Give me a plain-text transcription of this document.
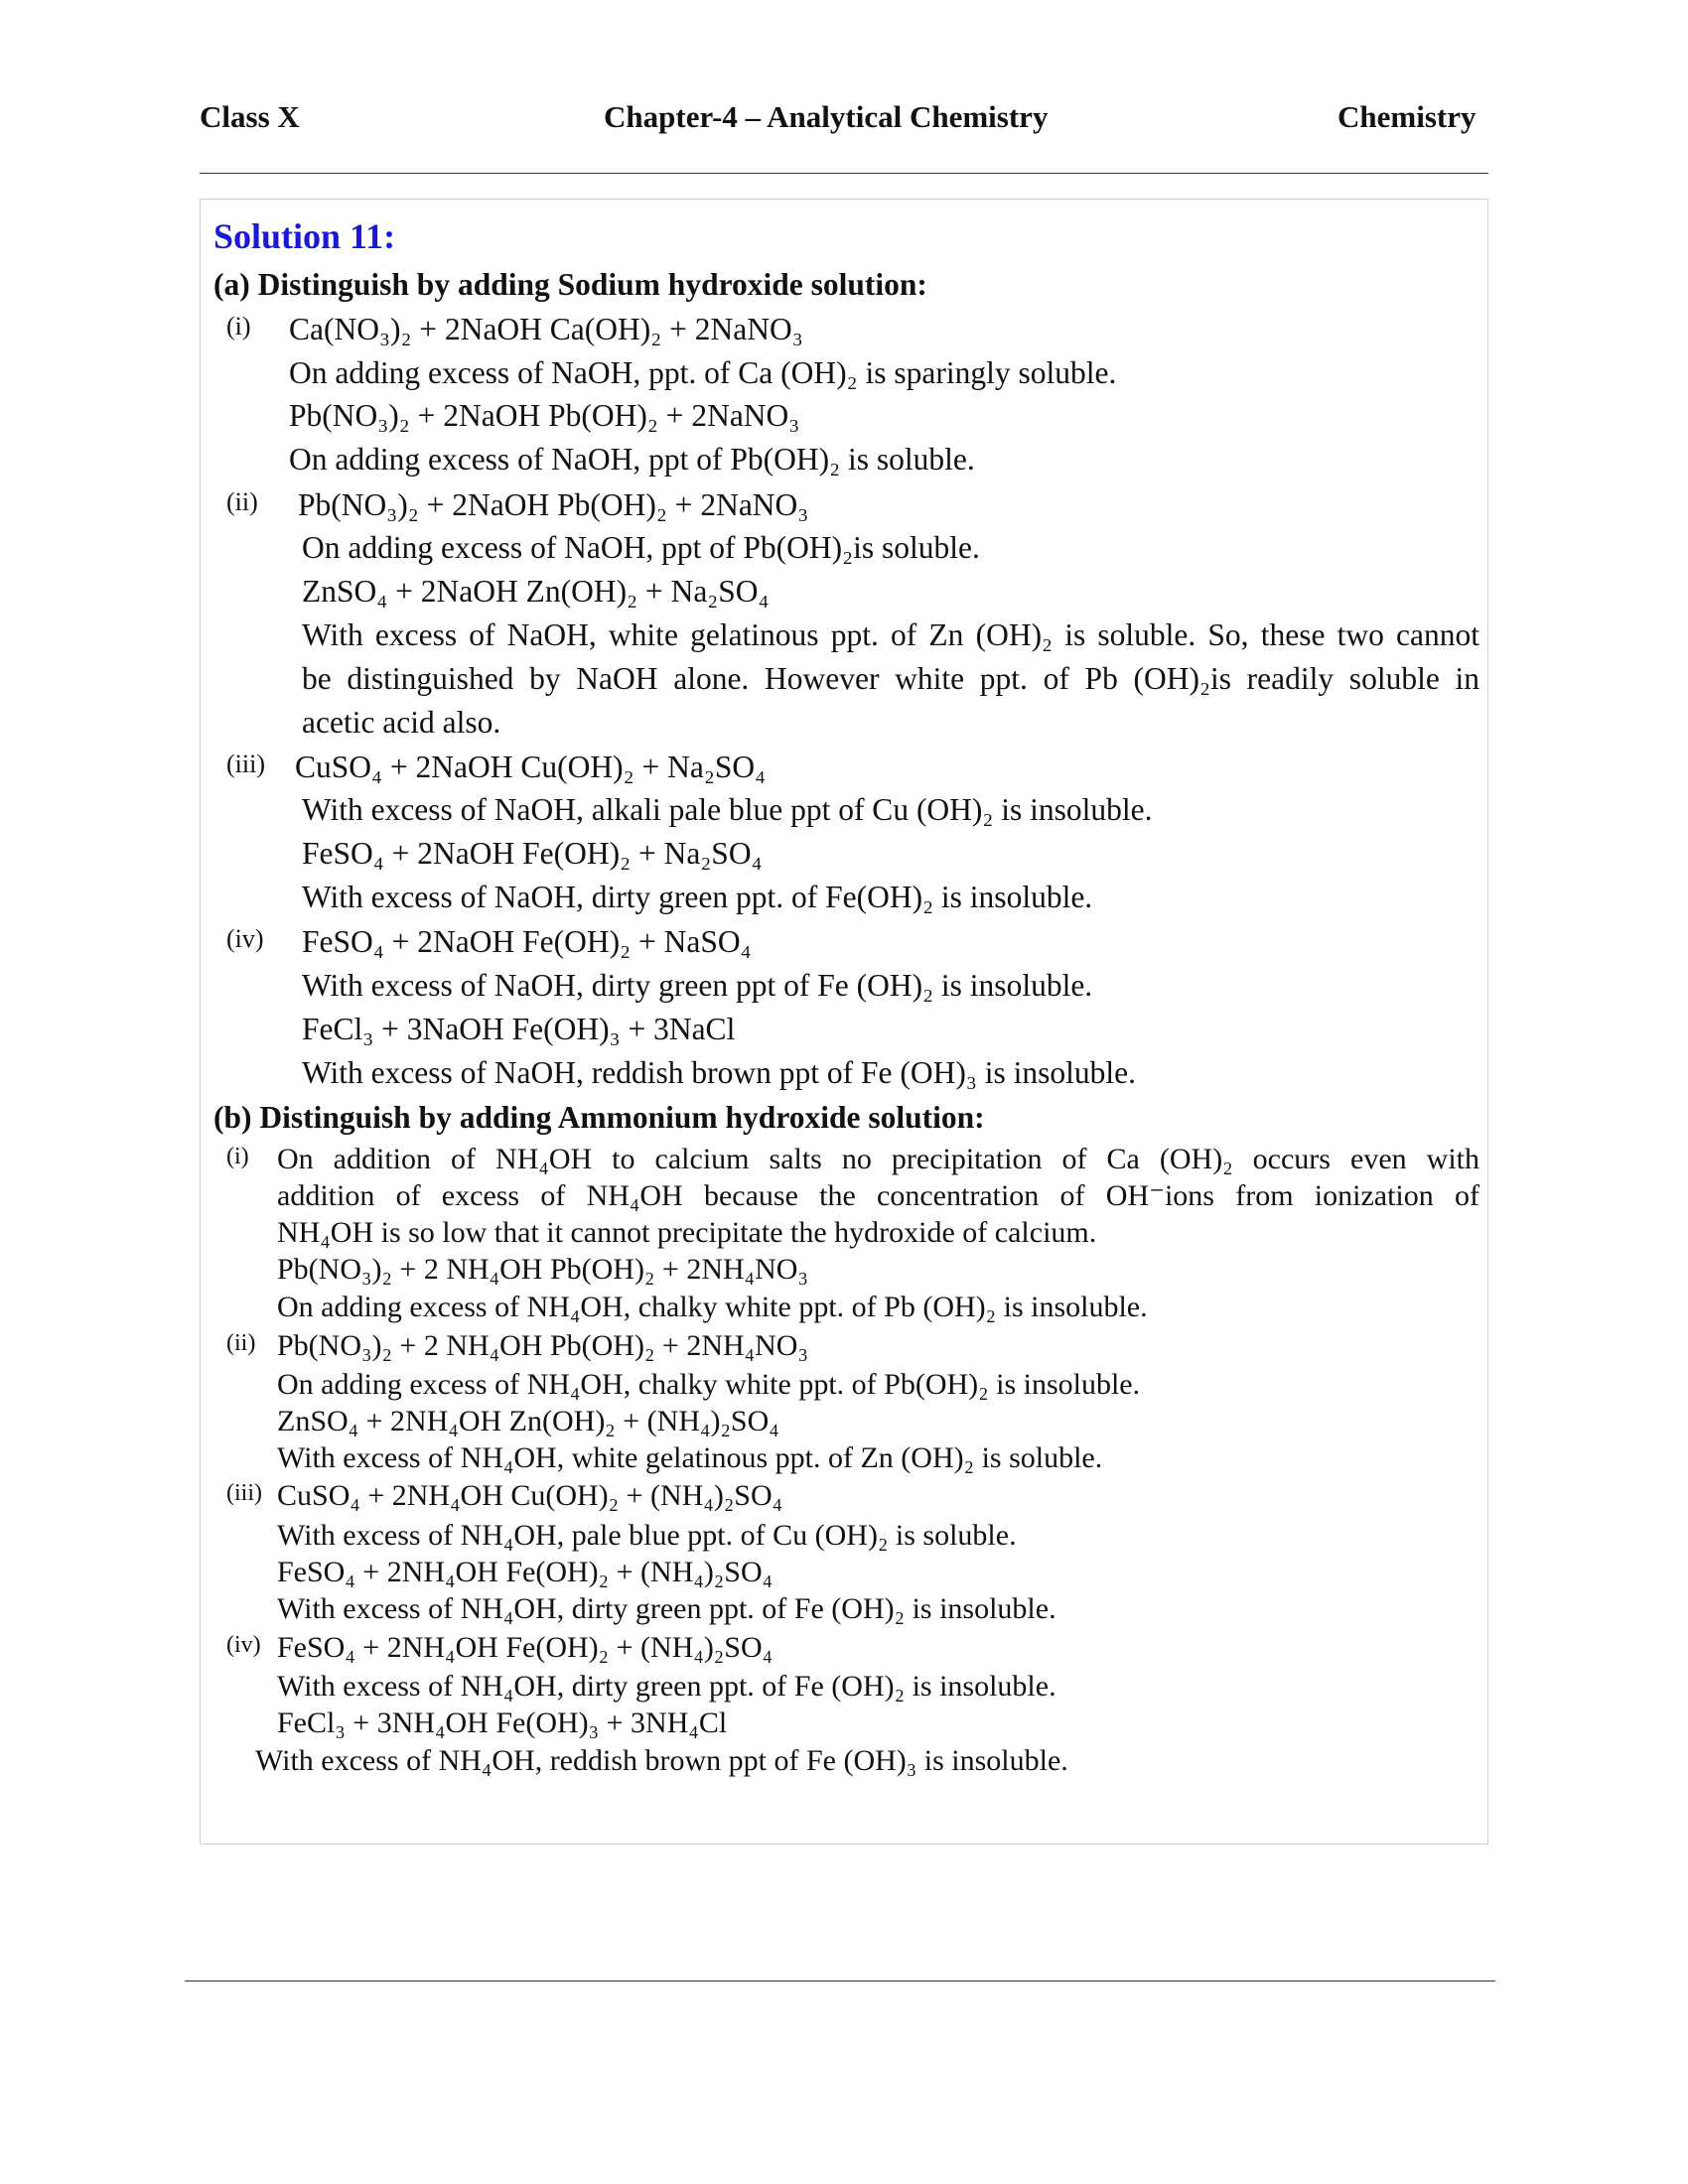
Class X	Chapter-4 – Analytical Chemistry	Chemistry
Solution 11:
(a) Distinguish by adding Sodium hydroxide solution:
(i) Ca(NO₃)₂ + 2NaOH Ca(OH)₂ + 2NaNO₃
On adding excess of NaOH, ppt. of Ca (OH)₂ is sparingly soluble.
Pb(NO₃)₂ + 2NaOH Pb(OH)₂ + 2NaNO₃
On adding excess of NaOH, ppt of Pb(OH)₂ is soluble.
(ii) Pb(NO₃)₂ + 2NaOH Pb(OH)₂ + 2NaNO₃
On adding excess of NaOH, ppt of Pb(OH)₂is soluble.
ZnSO₄ + 2NaOH Zn(OH)₂ + Na₂SO₄
With excess of NaOH, white gelatinous ppt. of Zn (OH)₂ is soluble. So, these two cannot
be distinguished by NaOH alone. However white ppt. of Pb (OH)₂is readily soluble in
acetic acid also.
(iii) CuSO₄ + 2NaOH Cu(OH)₂ + Na₂SO₄
With excess of NaOH, alkali pale blue ppt of Cu (OH)₂ is insoluble.
FeSO₄ + 2NaOH Fe(OH)₂ + Na₂SO₄
With excess of NaOH, dirty green ppt. of Fe(OH)₂ is insoluble.
(iv) FeSO₄ + 2NaOH Fe(OH)₂ + NaSO₄
With excess of NaOH, dirty green ppt of Fe (OH)₂ is insoluble.
FeCl₃ + 3NaOH Fe(OH)₃ + 3NaCl
With excess of NaOH, reddish brown ppt of Fe (OH)₃ is insoluble.
(b) Distinguish by adding Ammonium hydroxide solution:
(i) On addition of NH₄OH to calcium salts no precipitation of Ca (OH)₂ occurs even with
addition of excess of NH₄OH because the concentration of OH⁻ions from ionization of
NH₄OH is so low that it cannot precipitate the hydroxide of calcium.
Pb(NO₃)₂ + 2 NH₄OH Pb(OH)₂ + 2NH₄NO₃
On adding excess of NH₄OH, chalky white ppt. of Pb (OH)₂ is insoluble.
(ii) Pb(NO₃)₂ + 2 NH₄OH Pb(OH)₂ + 2NH₄NO₃
On adding excess of NH₄OH, chalky white ppt. of Pb(OH)₂ is insoluble.
ZnSO₄ + 2NH₄OH Zn(OH)₂ + (NH₄)₂SO₄
With excess of NH₄OH, white gelatinous ppt. of Zn (OH)₂ is soluble.
(iii) CuSO₄ + 2NH₄OH Cu(OH)₂ + (NH₄)₂SO₄
With excess of NH₄OH, pale blue ppt. of Cu (OH)₂ is soluble.
FeSO₄ + 2NH₄OH Fe(OH)₂ + (NH₄)₂SO₄
With excess of NH₄OH, dirty green ppt. of Fe (OH)₂ is insoluble.
(iv) FeSO₄ + 2NH₄OH Fe(OH)₂ + (NH₄)₂SO₄
With excess of NH₄OH, dirty green ppt. of Fe (OH)₂ is insoluble.
FeCl₃ + 3NH₄OH Fe(OH)₃ + 3NH₄Cl
With excess of NH₄OH, reddish brown ppt of Fe (OH)₃ is insoluble.
